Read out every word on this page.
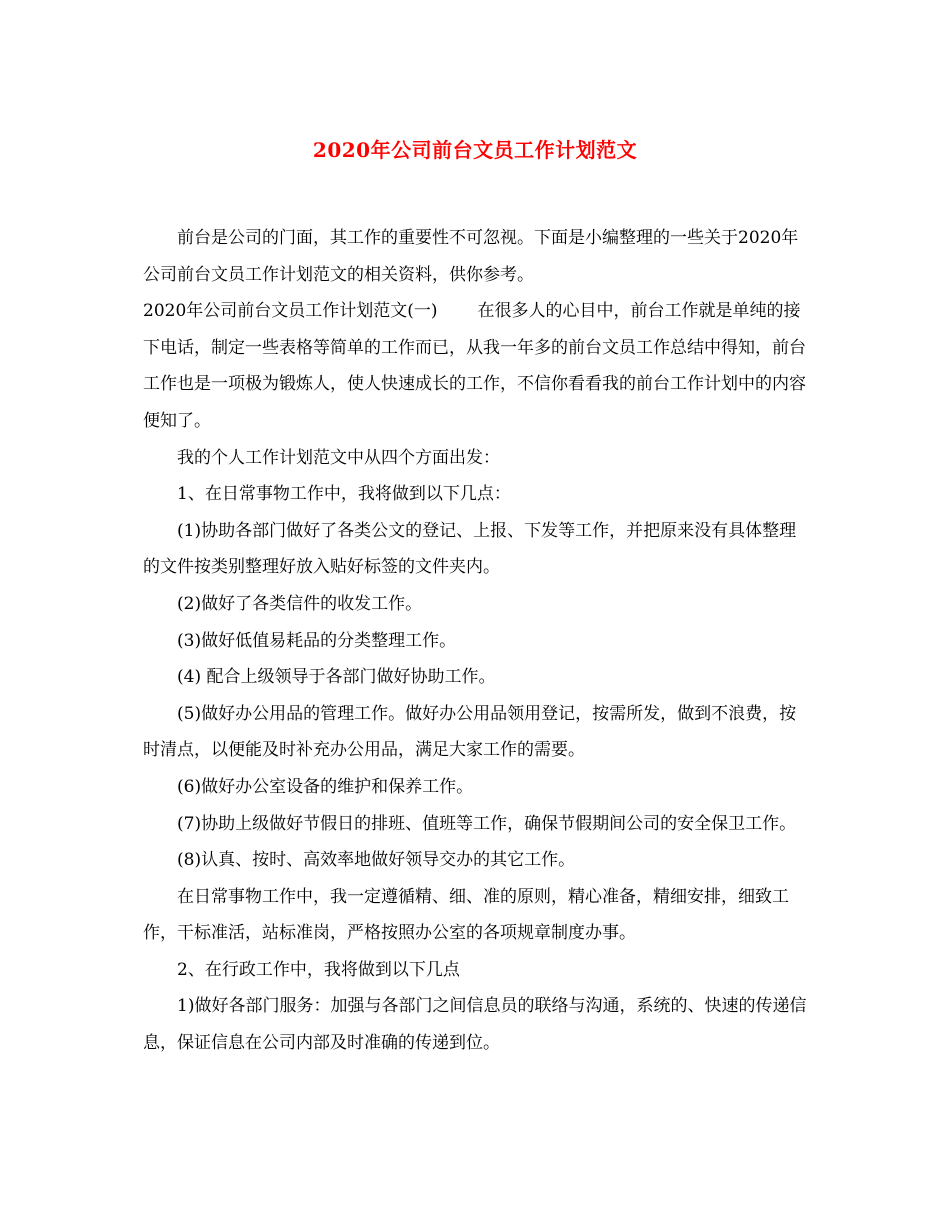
2020年公司前台文员工作计划范文

前台是公司的门面，其工作的重要性不可忽视。下面是小编整理的一些关于2020年公司前台文员工作计划范文的相关资料，供你参考。

2020年公司前台文员工作计划范文(一) 在很多人的心目中，前台工作就是单纯的接下电话，制定一些表格等简单的工作而已，从我一年多的前台文员工作总结中得知，前台工作也是一项极为锻炼人，使人快速成长的工作，不信你看看我的前台工作计划中的内容便知了。

我的个人工作计划范文中从四个方面出发：

1、在日常事物工作中，我将做到以下几点：

(1)协助各部门做好了各类公文的登记、上报、下发等工作，并把原来没有具体整理的文件按类别整理好放入贴好标签的文件夹内。

(2)做好了各类信件的收发工作。

(3)做好低值易耗品的分类整理工作。

(4) 配合上级领导于各部门做好协助工作。

(5)做好办公用品的管理工作。做好办公用品领用登记，按需所发，做到不浪费，按时清点，以便能及时补充办公用品，满足大家工作的需要。

(6)做好办公室设备的维护和保养工作。

(7)协助上级做好节假日的排班、值班等工作，确保节假期间公司的安全保卫工作。

(8)认真、按时、高效率地做好领导交办的其它工作。

在日常事物工作中，我一定遵循精、细、准的原则，精心准备，精细安排，细致工作，干标准活，站标准岗，严格按照办公室的各项规章制度办事。

2、在行政工作中，我将做到以下几点

1)做好各部门服务：加强与各部门之间信息员的联络与沟通，系统的、快速的传递信息，保证信息在公司内部及时准确的传递到位。
